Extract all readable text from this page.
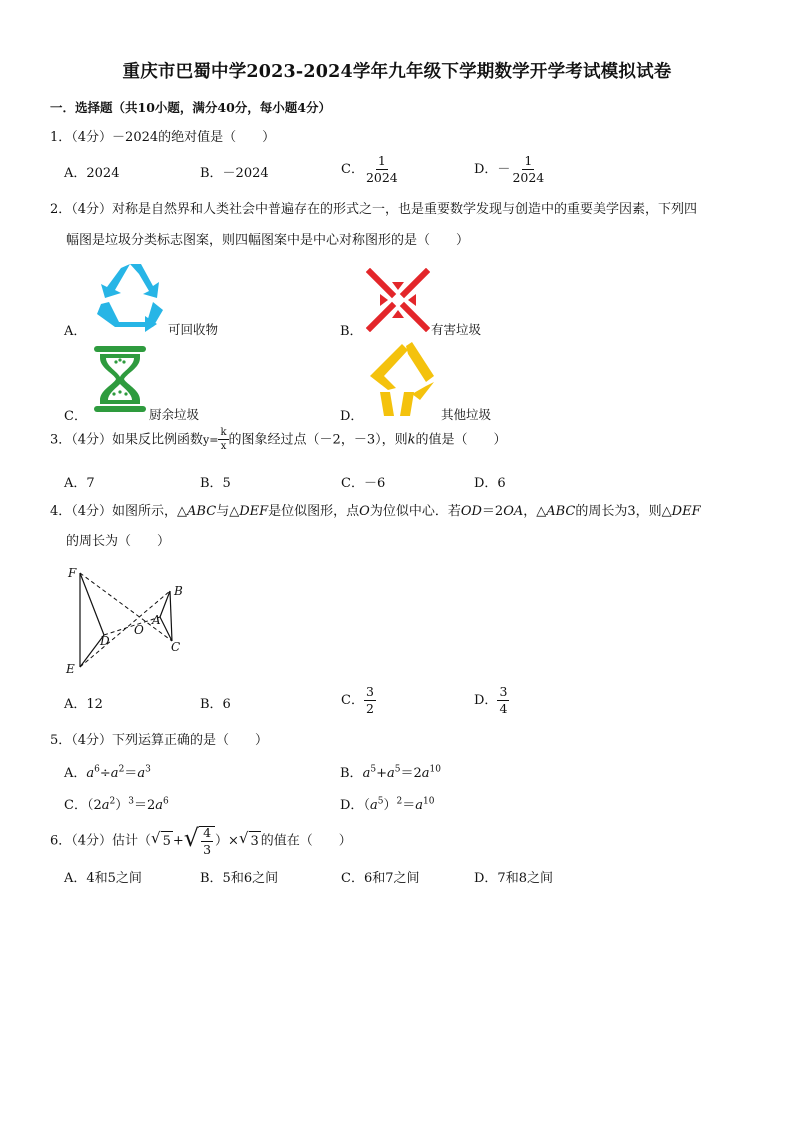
重庆市巴蜀中学2023-2024学年九年级下学期数学开学考试模拟试卷
一．选择题（共10小题，满分40分，每小题4分）
1．（4分）－2024的绝对值是（　　）
A．2024	B．－2024	C． $\frac{1}{2024}$	D．－ $\frac{1}{2024}$
2．（4分）对称是自然界和人类社会中普遍存在的形式之一，也是重要数学发现与创造中的重要美学因素，下列四
幅图是垃圾分类标志图案，则四幅图案中是中心对称图形的是（　　）
A．	可回收物	B．	有害垃圾
C．	厨余垃圾	D．	其他垃圾
3．（4分）如果反比例函数$y= \frac{k}{x}$ 的图象经过点（－2，－3），则k的值是（　　）
A．7	B．5	C．－6	D．6
4．（4分）如图所示，△ABC与△DEF是位似图形，点O为位似中心．若OD＝2OA，△ABC的周长为3，则△DEF
的周长为（　　）
F
B
O
A
D	C
E
A．12	B．6	C． $\frac{3}{2}$	D． $\frac{3}{4}$
5．（4分）下列运算正确的是（　　）
A．$a^6\div a^2=a^3$	B．$a^5+a^5=2a^{10}$
C．$(2a^2)^3=2a^6$	D．$(a^5)^2=a^{10}$
6．（4分）估计（ √ 5 + √ $\frac{4}{3}$ ）× √ 3 的值在（　　）
A．4和5之间	B．5和6之间	C．6和7之间	D．7和8之间
